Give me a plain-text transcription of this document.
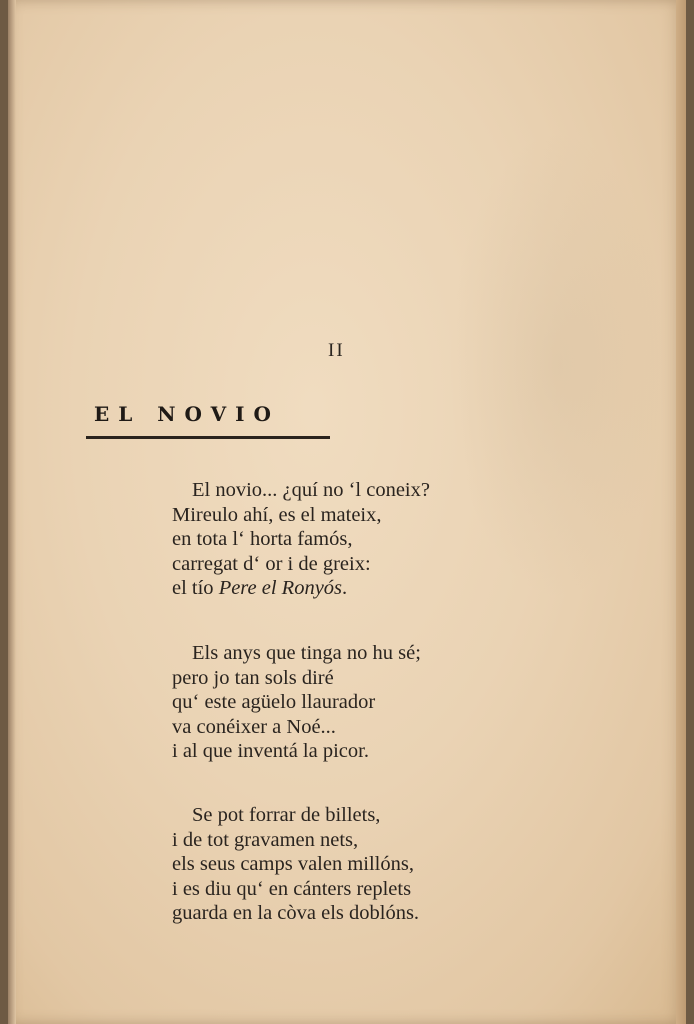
II
EL NOVIO
El novio... ¿quí no ‘l coneix?
Mireulo ahí, es el mateix,
en tota l‘ horta famós,
carregat d‘ or i de greix:
el tío Pere el Ronyós.
Els anys que tinga no hu sé;
pero jo tan sols diré
qu‘ este agüelo llaurador
va conéixer a Noé...
i al que inventá la picor.
Se pot forrar de billets,
i de tot gravamen nets,
els seus camps valen millóns,
i es diu qu‘ en cánters replets
guarda en la còva els doblóns.
